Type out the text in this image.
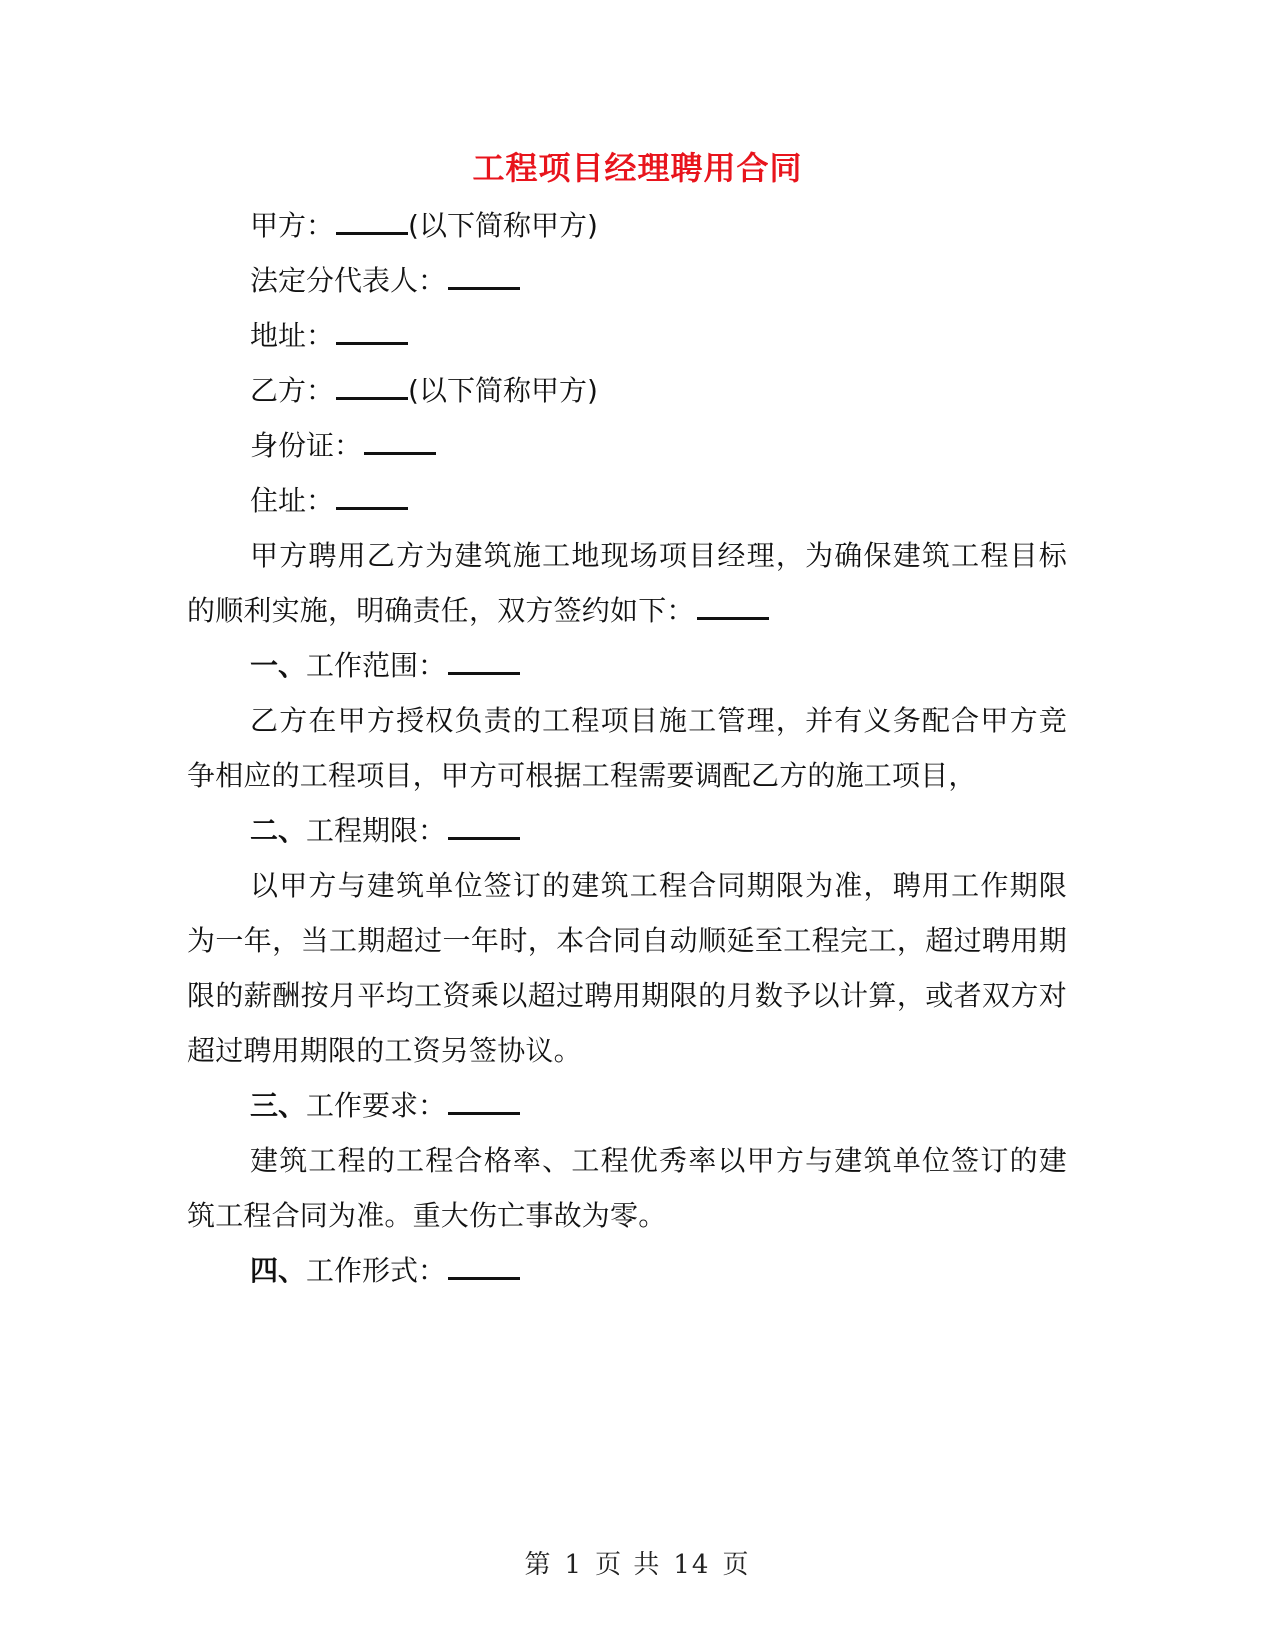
工程项目经理聘用合同
甲方：	(以下简称甲方)
法定分代表人：
地址：
乙方：	(以下简称甲方)
身份证：
住址：
甲方聘用乙方为建筑施工地现场项目经理，为确保建筑工程目标的顺利实施，明确责任，双方签约如下：
一、工作范围：
乙方在甲方授权负责的工程项目施工管理，并有义务配合甲方竞争相应的工程项目，甲方可根据工程需要调配乙方的施工项目，
二、工程期限：
以甲方与建筑单位签订的建筑工程合同期限为准，聘用工作期限为一年，当工期超过一年时，本合同自动顺延至工程完工，超过聘用期限的薪酬按月平均工资乘以超过聘用期限的月数予以计算，或者双方对超过聘用期限的工资另签协议。
三、工作要求：
建筑工程的工程合格率、工程优秀率以甲方与建筑单位签订的建筑工程合同为准。重大伤亡事故为零。
四、工作形式：
第 1 页 共 14 页
